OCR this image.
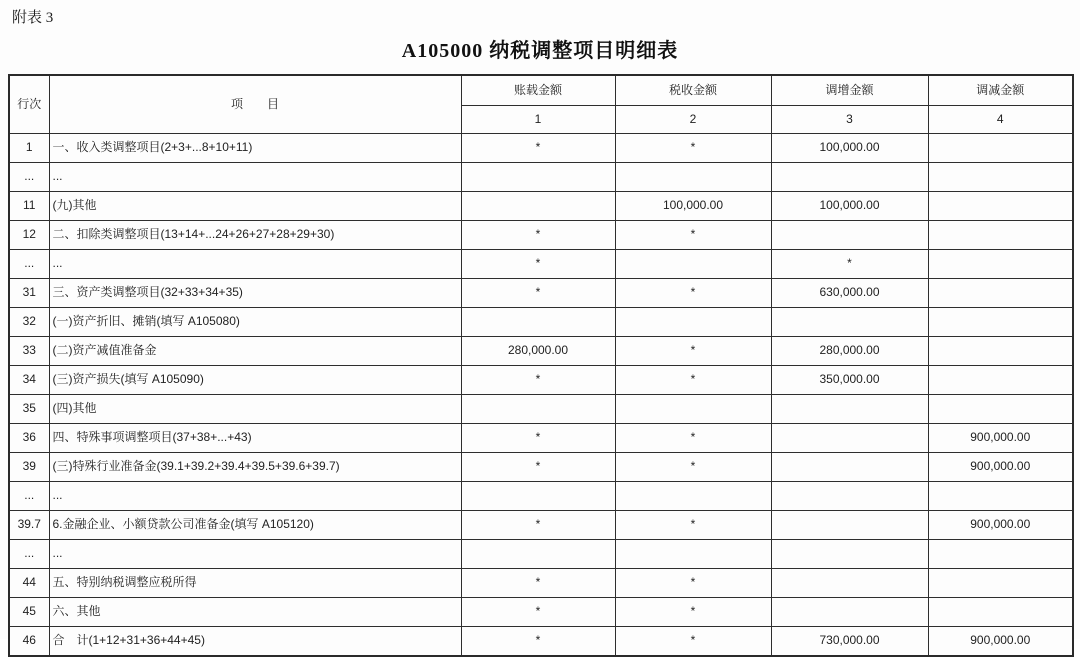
附表 3
A105000 纳税调整项目明细表
行次	项　　目	账载金额	税收金额	调增金额	调减金额
		1	2	3	4
1	一、收入类调整项目(2+3+...8+10+11)	*	*	100,000.00	
...	...				
11	(九)其他		100,000.00	100,000.00	
12	二、扣除类调整项目(13+14+...24+26+27+28+29+30)	*	*		
...	...	*		*	
31	三、资产类调整项目(32+33+34+35)	*	*	630,000.00	
32	(一)资产折旧、摊销(填写 A105080)				
33	(二)资产减值准备金	280,000.00	*	280,000.00	
34	(三)资产损失(填写 A105090)	*	*	350,000.00	
35	(四)其他				
36	四、特殊事项调整项目(37+38+...+43)	*	*		900,000.00
39	(三)特殊行业准备金(39.1+39.2+39.4+39.5+39.6+39.7)	*	*		900,000.00
...	...				
39.7	6.金融企业、小额贷款公司准备金(填写 A105120)	*	*		900,000.00
...	...				
44	五、特别纳税调整应税所得	*	*		
45	六、其他	*	*		
46	合　计(1+12+31+36+44+45)	*	*	730,000.00	900,000.00
